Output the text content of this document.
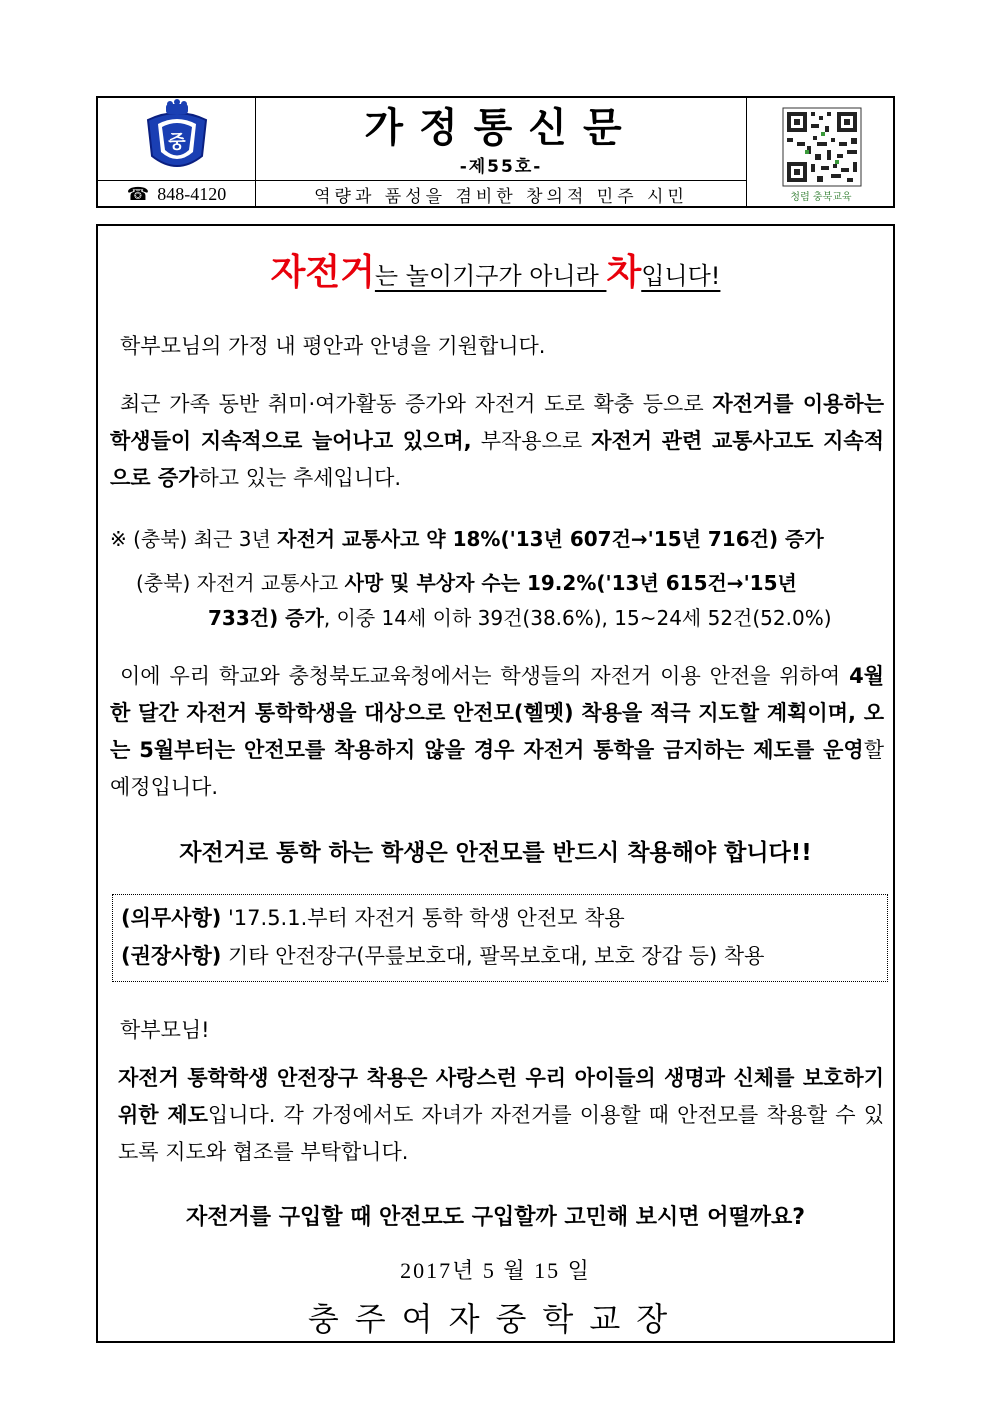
중
☎ 848-4120
가정통신문
-제55호-
역량과 품성을 겸비한 창의적 민주 시민	청렴 충북교육
자전거는 놀이기구가 아니라 차입니다!
학부모님의 가정 내 평안과 안녕을 기원합니다.
최근 가족 동반 취미·여가활동 증가와 자전거 도로 확충 등으로 자전거를 이용하는 학생들이 지속적으로 늘어나고 있으며, 부작용으로 자전거 관련 교통사고도 지속적으로 증가하고 있는 추세입니다.
※ (충북) 최근 3년 자전거 교통사고 약 18%('13년 607건→'15년 716건) 증가
(충북) 자전거 교통사고 사망 및 부상자 수는 19.2%('13년 615건→'15년
733건) 증가, 이중 14세 이하 39건(38.6%), 15~24세 52건(52.0%)
이에 우리 학교와 충청북도교육청에서는 학생들의 자전거 이용 안전을 위하여 4월 한 달간 자전거 통학학생을 대상으로 안전모(헬멧) 착용을 적극 지도할 계획이며, 오는 5월부터는 안전모를 착용하지 않을 경우 자전거 통학을 금지하는 제도를 운영할 예정입니다.
자전거로 통학 하는 학생은 안전모를 반드시 착용해야 합니다!!
(의무사항) '17.5.1.부터 자전거 통학 학생 안전모 착용
(권장사항) 기타 안전장구(무릎보호대, 팔목보호대, 보호 장갑 등) 착용
학부모님!
자전거 통학학생 안전장구 착용은 사랑스런 우리 아이들의 생명과 신체를 보호하기 위한 제도입니다. 각 가정에서도 자녀가 자전거를 이용할 때 안전모를 착용할 수 있도록 지도와 협조를 부탁합니다.
자전거를 구입할 때 안전모도 구입할까 고민해 보시면 어떨까요?
2017년 5 월 15 일
충주여자중학교장
